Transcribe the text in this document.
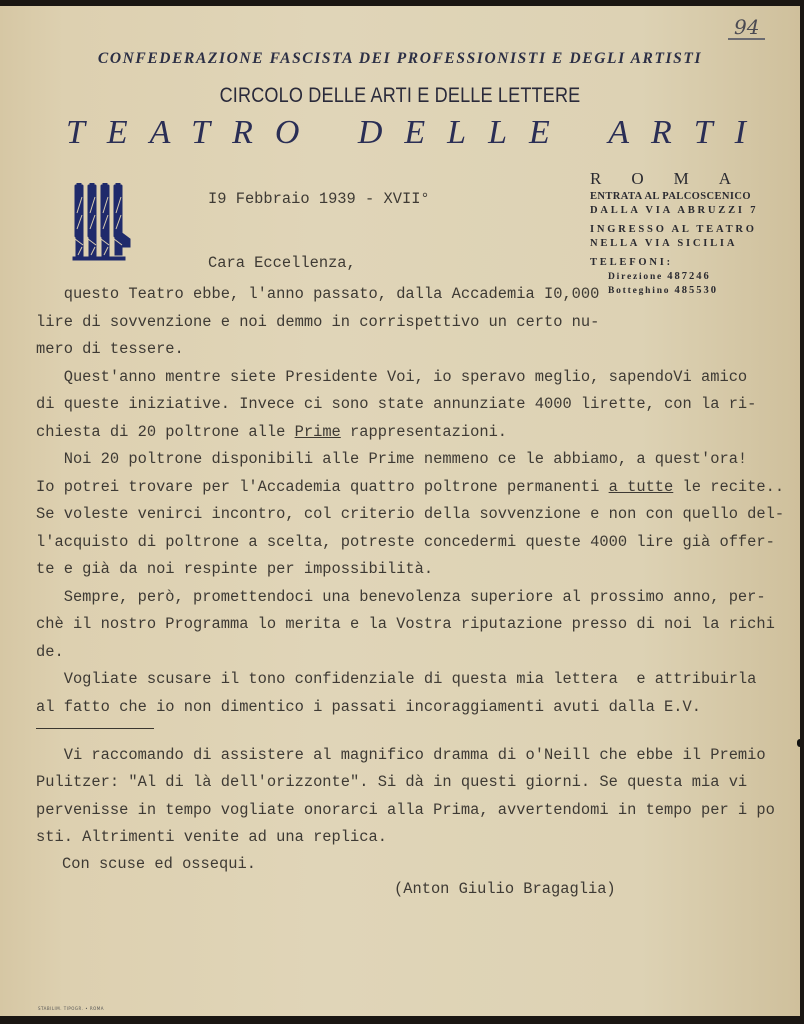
94
CONFEDERAZIONE FASCISTA DEI PROFESSIONISTI E DEGLI ARTISTI
CIRCOLO DELLE ARTI E DELLE LETTERE
TEATRO DELLE ARTI
ROMA
ENTRATA AL PALCOSCENICO
DALLA VIA ABRUZZI 7
INGRESSO AL TEATRO
NELLA VIA SICILIA
TELEFONI:
Direzione 487246
Botteghino 485530
I9 Febbraio 1939 - XVII°
Cara Eccellenza,
questo Teatro ebbe, l'anno passato, dalla Accademia I0,000
lire di sovvenzione e noi demmo in corrispettivo un certo nu-
mero di tessere.
Quest'anno mentre siete Presidente Voi, io speravo meglio, sapendoVi amico
di queste iniziative. Invece ci sono state annunziate 4000 lirette, con la ri-
chiesta di 20 poltrone alle Prime rappresentazioni.
Noi 20 poltrone disponibili alle Prime nemmeno ce le abbiamo, a quest'ora!
Io potrei trovare per l'Accademia quattro poltrone permanenti a tutte le recite..
Se voleste venirci incontro, col criterio della sovvenzione e non con quello del-
l'acquisto di poltrone a scelta, potreste concedermi queste 4000 lire già offer-
te e già da noi respinte per impossibilità.
Sempre, però, promettendoci una benevolenza superiore al prossimo anno, per-
chè il nostro Programma lo merita e la Vostra riputazione presso di noi la richi
de.
Vogliate scusare il tono confidenziale di questa mia lettera  e attribuirla
al fatto che io non dimentico i passati incoraggiamenti avuti dalla E.V.
Vi raccomando di assistere al magnifico dramma di o'Neill che ebbe il Premio
Pulitzer: "Al di là dell'orizzonte". Si dà in questi giorni. Se questa mia vi
pervenisse in tempo vogliate onorarci alla Prima, avvertendomi in tempo per i po
sti. Altrimenti venite ad una replica.
Con scuse ed ossequi.
(Anton Giulio Bragaglia)
STABILIM. TIPOGR. • ROMA
